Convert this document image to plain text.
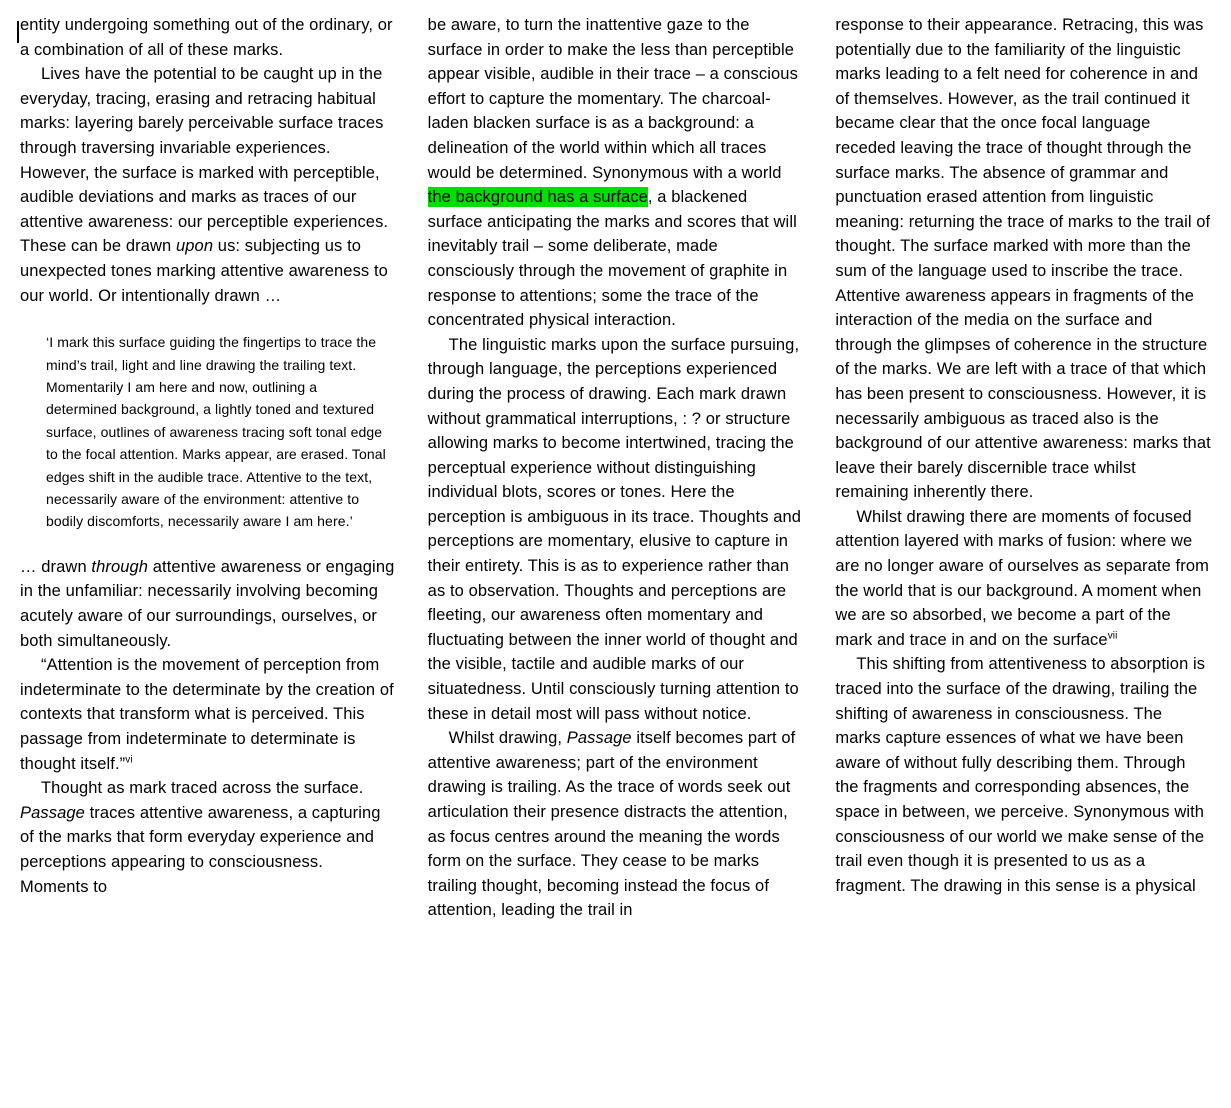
entity undergoing something out of the ordinary, or a combination of all of these marks.

Lives have the potential to be caught up in the everyday, tracing, erasing and retracing habitual marks: layering barely perceivable surface traces through traversing invariable experiences. However, the surface is marked with perceptible, audible deviations and marks as traces of our attentive awareness: our perceptible experiences. These can be drawn upon us: subjecting us to unexpected tones marking attentive awareness to our world. Or intentionally drawn …

‘I mark this surface guiding the fingertips to trace the mind’s trail, light and line drawing the trailing text. Momentarily I am here and now, outlining a determined background, a lightly toned and textured surface, outlines of awareness tracing soft tonal edge to the focal attention. Marks appear, are erased. Tonal edges shift in the audible trace. Attentive to the text, necessarily aware of the environment: attentive to bodily discomforts, necessarily aware I am here.’

… drawn through attentive awareness or engaging in the unfamiliar: necessarily involving becoming acutely aware of our surroundings, ourselves, or both simultaneously.

“Attention is the movement of perception from indeterminate to the determinate by the creation of contexts that transform what is perceived. This passage from indeterminate to determinate is thought itself.”$^{vi}$

Thought as mark traced across the surface. Passage traces attentive awareness, a capturing of the marks that form everyday experience and perceptions appearing to consciousness. Moments to

be aware, to turn the inattentive gaze to the surface in order to make the less than perceptible appear visible, audible in their trace – a conscious effort to capture the momentary. The charcoal-laden blacken surface is as a background: a delineation of the world within which all traces would be determined. Synonymous with a world the background has a surface, a blackened surface anticipating the marks and scores that will inevitably trail – some deliberate, made consciously through the movement of graphite in response to attentions; some the trace of the concentrated physical interaction.

The linguistic marks upon the surface pursuing, through language, the perceptions experienced during the process of drawing. Each mark drawn without grammatical interruptions, : ? or structure allowing marks to become intertwined, tracing the perceptual experience without distinguishing individual blots, scores or tones. Here the perception is ambiguous in its trace. Thoughts and perceptions are momentary, elusive to capture in their entirety. This is as to experience rather than as to observation. Thoughts and perceptions are fleeting, our awareness often momentary and fluctuating between the inner world of thought and the visible, tactile and audible marks of our situatedness. Until consciously turning attention to these in detail most will pass without notice.

Whilst drawing, Passage itself becomes part of attentive awareness; part of the environment drawing is trailing. As the trace of words seek out articulation their presence distracts the attention, as focus centres around the meaning the words form on the surface. They cease to be marks trailing thought, becoming instead the focus of attention, leading the trail in

response to their appearance. Retracing, this was potentially due to the familiarity of the linguistic marks leading to a felt need for coherence in and of themselves. However, as the trail continued it became clear that the once focal language receded leaving the trace of thought through the surface marks. The absence of grammar and punctuation erased attention from linguistic meaning: returning the trace of marks to the trail of thought. The surface marked with more than the sum of the language used to inscribe the trace. Attentive awareness appears in fragments of the interaction of the media on the surface and through the glimpses of coherence in the structure of the marks. We are left with a trace of that which has been present to consciousness. However, it is necessarily ambiguous as traced also is the background of our attentive awareness: marks that leave their barely discernible trace whilst remaining inherently there.

Whilst drawing there are moments of focused attention layered with marks of fusion: where we are no longer aware of ourselves as separate from the world that is our background. A moment when we are so absorbed, we become a part of the mark and trace in and on the surface$^{vii}$

This shifting from attentiveness to absorption is traced into the surface of the drawing, trailing the shifting of awareness in consciousness. The marks capture essences of what we have been aware of without fully describing them. Through the fragments and corresponding absences, the space in between, we perceive. Synonymous with consciousness of our world we make sense of the trail even though it is presented to us as a fragment. The drawing in this sense is a physical
